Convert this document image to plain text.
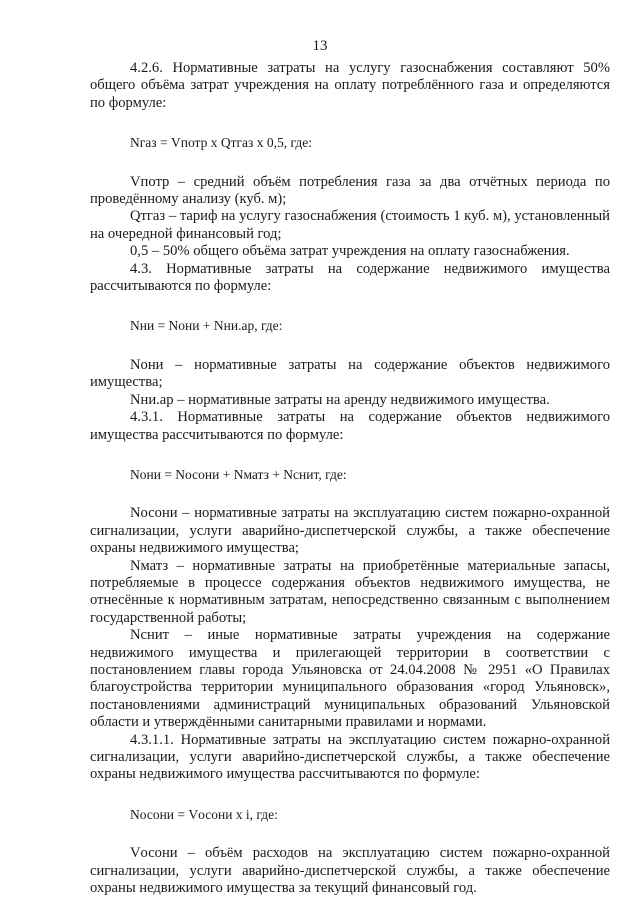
13

4.2.6. Нормативные затраты на услугу газоснабжения составляют 50% общего объёма затрат учреждения на оплату потреблённого газа и определяются по формуле:

Nгаз = Vпотр x Qтгаз x 0,5, где:

Vпотр – средний объём потребления газа за два отчётных периода по проведённому анализу (куб. м);

Qтгаз – тариф на услугу газоснабжения (стоимость 1 куб. м), установленный на очередной финансовый год;

0,5 – 50% общего объёма затрат учреждения на оплату газоснабжения.

4.3. Нормативные затраты на содержание недвижимого имущества рассчитываются по формуле:

Nни = Nони + Nни.ар, где:

Nони – нормативные затраты на содержание объектов недвижимого имущества;

Nни.ар – нормативные затраты на аренду недвижимого имущества.

4.3.1. Нормативные затраты на содержание объектов недвижимого имущества рассчитываются по формуле:

Nони = Nосони + Nматз + Nснит, где:

Nосони – нормативные затраты на эксплуатацию систем пожарно-охранной сигнализации, услуги аварийно-диспетчерской службы, а также обеспечение охраны недвижимого имущества;

Nматз – нормативные затраты на приобретённые материальные запасы, потребляемые в процессе содержания объектов недвижимого имущества, не отнесённые к нормативным затратам, непосредственно связанным с выполнением государственной работы;

Nснит – иные нормативные затраты учреждения на содержание недвижимого имущества и прилегающей территории в соответствии с постановлением главы города Ульяновска от 24.04.2008 № 2951 «О Правилах благоустройства территории муниципального образования «город Ульяновск», постановлениями администраций муниципальных образований Ульяновской области и утверждёнными санитарными правилами и нормами.

4.3.1.1. Нормативные затраты на эксплуатацию систем пожарно-охранной сигнализации, услуги аварийно-диспетчерской службы, а также обеспечение охраны недвижимого имущества рассчитываются по формуле:

Nосони = Vосони x i, где:

Vосони – объём расходов на эксплуатацию систем пожарно-охранной сигнализации, услуги аварийно-диспетчерской службы, а также обеспечение охраны недвижимого имущества за текущий финансовый год.
